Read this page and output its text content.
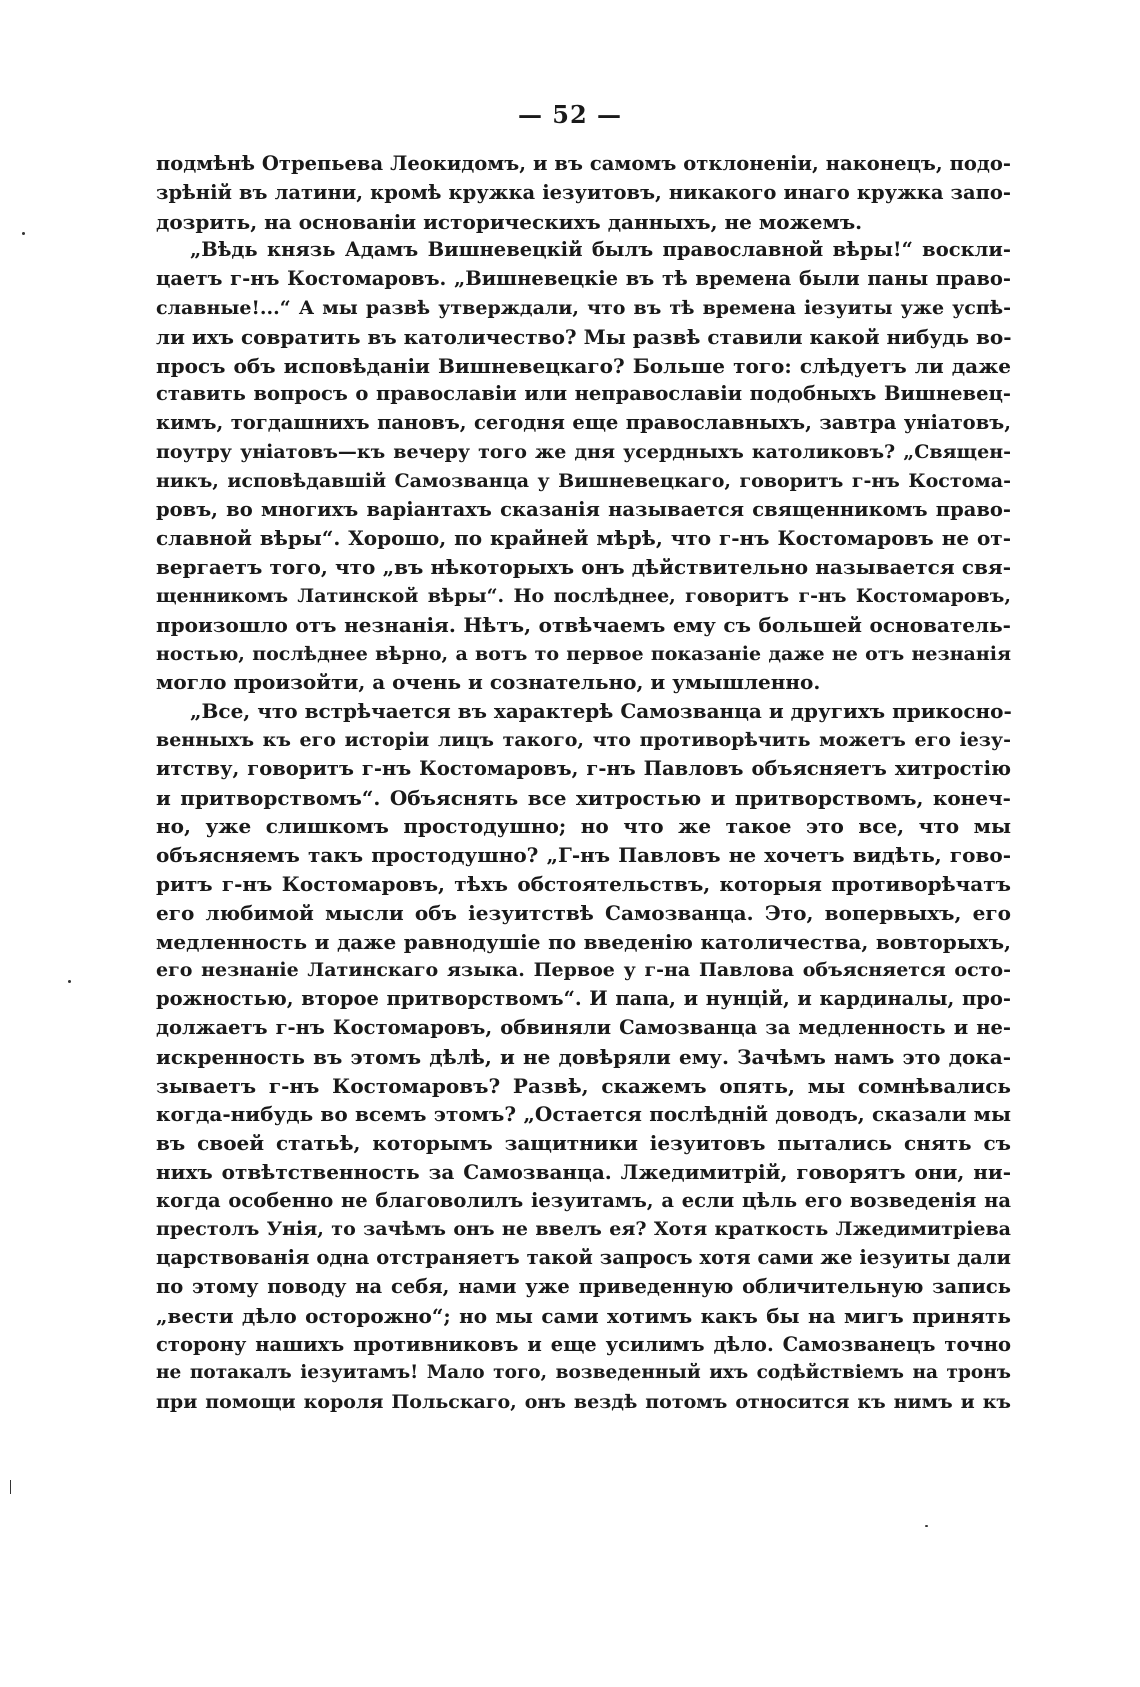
— 52 —
подмѣнѣ Отрепьева Леокидомъ, и въ самомъ отклоненіи, наконецъ, подо-
зрѣній въ латини, кромѣ кружка іезуитовъ, никакого инаго кружка запо-
дозрить, на основаніи историческихъ данныхъ, не можемъ.
„Вѣдь князь Адамъ Вишневецкій былъ православной вѣры!“ воскли-
цаетъ г-нъ Костомаровъ. „Вишневецкіе въ тѣ времена были паны право-
славные!...“ А мы развѣ утверждали, что въ тѣ времена іезуиты уже успѣ-
ли ихъ совратить въ католичество? Мы развѣ ставили какой нибудь во-
просъ объ исповѣданіи Вишневецкаго? Больше того: слѣдуетъ ли даже
ставить вопросъ о православіи или неправославіи подобныхъ Вишневец-
кимъ, тогдашнихъ пановъ, сегодня еще православныхъ, завтра уніатовъ,
поутру уніатовъ—къ вечеру того же дня усердныхъ католиковъ? „Священ-
никъ, исповѣдавшій Самозванца у Вишневецкаго, говоритъ г-нъ Костома-
ровъ, во многихъ варіантахъ сказанія называется священникомъ право-
славной вѣры“. Хорошо, по крайней мѣрѣ, что г-нъ Костомаровъ не от-
вергаетъ того, что „въ нѣкоторыхъ онъ дѣйствительно называется свя-
щенникомъ Латинской вѣры“. Но послѣднее, говоритъ г-нъ Костомаровъ,
произошло отъ незнанія. Нѣтъ, отвѣчаемъ ему съ большей основатель-
ностью, послѣднее вѣрно, а вотъ то первое показаніе даже не отъ незнанія
могло произойти, а очень и сознательно, и умышленно.
„Все, что встрѣчается въ характерѣ Самозванца и другихъ прикосно-
венныхъ къ его исторіи лицъ такого, что противорѣчить можетъ его іезу-
итству, говоритъ г-нъ Костомаровъ, г-нъ Павловъ объясняетъ хитростію
и притворствомъ“. Объяснять все хитростью и притворствомъ, конеч-
но, уже слишкомъ простодушно; но что же такое это все, что мы
объясняемъ такъ простодушно? „Г-нъ Павловъ не хочетъ видѣть, гово-
ритъ г-нъ Костомаровъ, тѣхъ обстоятельствъ, которыя противорѣчатъ
его любимой мысли объ іезуитствѣ Самозванца. Это, вопервыхъ, его
медленность и даже равнодушіе по введенію католичества, вовторыхъ,
его незнаніе Латинскаго языка. Первое у г-на Павлова объясняется осто-
рожностью, второе притворствомъ“. И папа, и нунцій, и кардиналы, про-
должаетъ г-нъ Костомаровъ, обвиняли Самозванца за медленность и не-
искренность въ этомъ дѣлѣ, и не довѣряли ему. Зачѣмъ намъ это дока-
зываетъ г-нъ Костомаровъ? Развѣ, скажемъ опять, мы сомнѣвались
когда-нибудь во всемъ этомъ? „Остается послѣдній доводъ, сказали мы
въ своей статьѣ, которымъ защитники іезуитовъ пытались снять съ
нихъ отвѣтственность за Самозванца. Лжедимитрій, говорятъ они, ни-
когда особенно не благоволилъ іезуитамъ, а если цѣль его возведенія на
престолъ Унія, то зачѣмъ онъ не ввелъ ея? Хотя краткость Лжедимитріева
царствованія одна отстраняетъ такой запросъ хотя сами же іезуиты дали
по этому поводу на себя, нами уже приведенную обличительную запись
„вести дѣло осторожно“; но мы сами хотимъ какъ бы на мигъ принять
сторону нашихъ противниковъ и еще усилимъ дѣло. Самозванецъ точно
не потакалъ іезуитамъ! Мало того, возведенный ихъ содѣйствіемъ на тронъ
при помощи короля Польскаго, онъ вездѣ потомъ относится къ нимъ и къ
